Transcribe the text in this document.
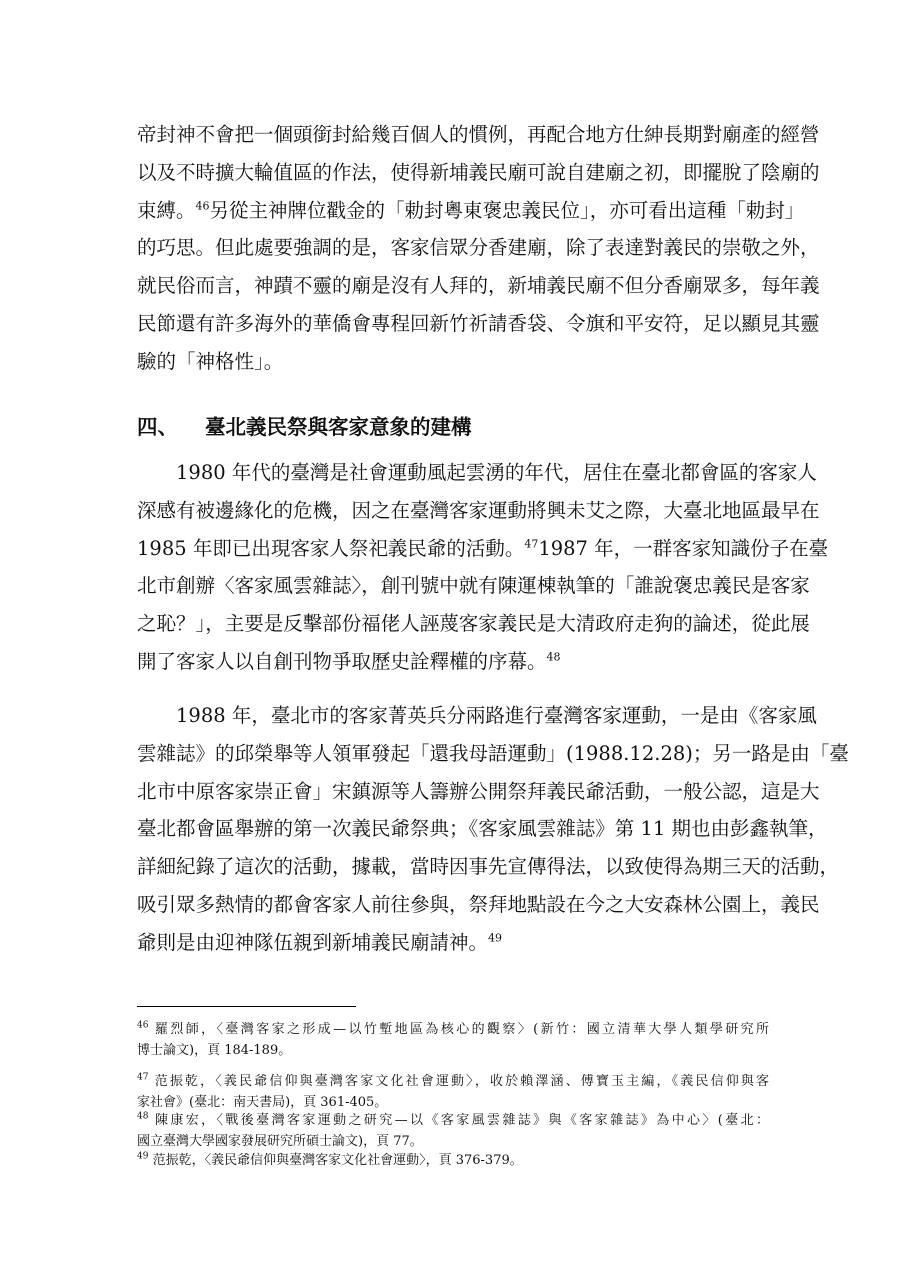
帝封神不會把一個頭銜封給幾百個人的慣例，再配合地方仕紳長期對廟產的經營
以及不時擴大輪值區的作法，使得新埔義民廟可說自建廟之初，即擺脫了陰廟的
束縛。$^{46}$另從主神牌位戳金的「勅封粵東褒忠義民位」，亦可看出這種「勅封」
的巧思。但此處要強調的是，客家信眾分香建廟，除了表達對義民的崇敬之外，
就民俗而言，神蹟不靈的廟是沒有人拜的，新埔義民廟不但分香廟眾多，每年義
民節還有許多海外的華僑會專程回新竹祈請香袋、令旗和平安符，足以顯見其靈
驗的「神格性」。
四、 臺北義民祭與客家意象的建構
1980 年代的臺灣是社會運動風起雲湧的年代，居住在臺北都會區的客家人
深感有被邊緣化的危機，因之在臺灣客家運動將興未艾之際，大臺北地區最早在
1985 年即已出現客家人祭祀義民爺的活動。$^{47}$1987 年，一群客家知識份子在臺
北市創辦〈客家風雲雜誌〉，創刊號中就有陳運棟執筆的「誰說褒忠義民是客家
之恥？」，主要是反擊部份福佬人誣蔑客家義民是大清政府走狗的論述，從此展
開了客家人以自創刊物爭取歷史詮釋權的序幕。$^{48}$
1988 年，臺北市的客家菁英兵分兩路進行臺灣客家運動，一是由《客家風
雲雜誌》的邱榮舉等人領軍發起「還我母語運動」(1988.12.28)；另一路是由「臺
北市中原客家崇正會」宋鎮源等人籌辦公開祭拜義民爺活動，一般公認，這是大
臺北都會區舉辦的第一次義民爺祭典；《客家風雲雜誌》第 11 期也由彭鑫執筆，
詳細紀錄了這次的活動，據載，當時因事先宣傳得法，以致使得為期三天的活動，
吸引眾多熱情的都會客家人前往參與，祭拜地點設在今之大安森林公園上，義民
爺則是由迎神隊伍親到新埔義民廟請神。$^{49}$
$^{46}$ 羅烈師，〈臺灣客家之形成—以竹塹地區為核心的觀察〉(新竹：國立清華大學人類學研究所
博士論文)，頁 184-189。
$^{47}$ 范振乾，〈義民爺信仰與臺灣客家文化社會運動〉，收於賴澤涵、傅寶玉主編，《義民信仰與客
家社會》(臺北：南天書局)，頁 361-405。
$^{48}$ 陳康宏，〈戰後臺灣客家運動之研究—以《客家風雲雜誌》與《客家雜誌》為中心〉(臺北：
國立臺灣大學國家發展研究所碩士論文)，頁 77。
$^{49}$ 范振乾，〈義民爺信仰與臺灣客家文化社會運動〉，頁 376-379。
